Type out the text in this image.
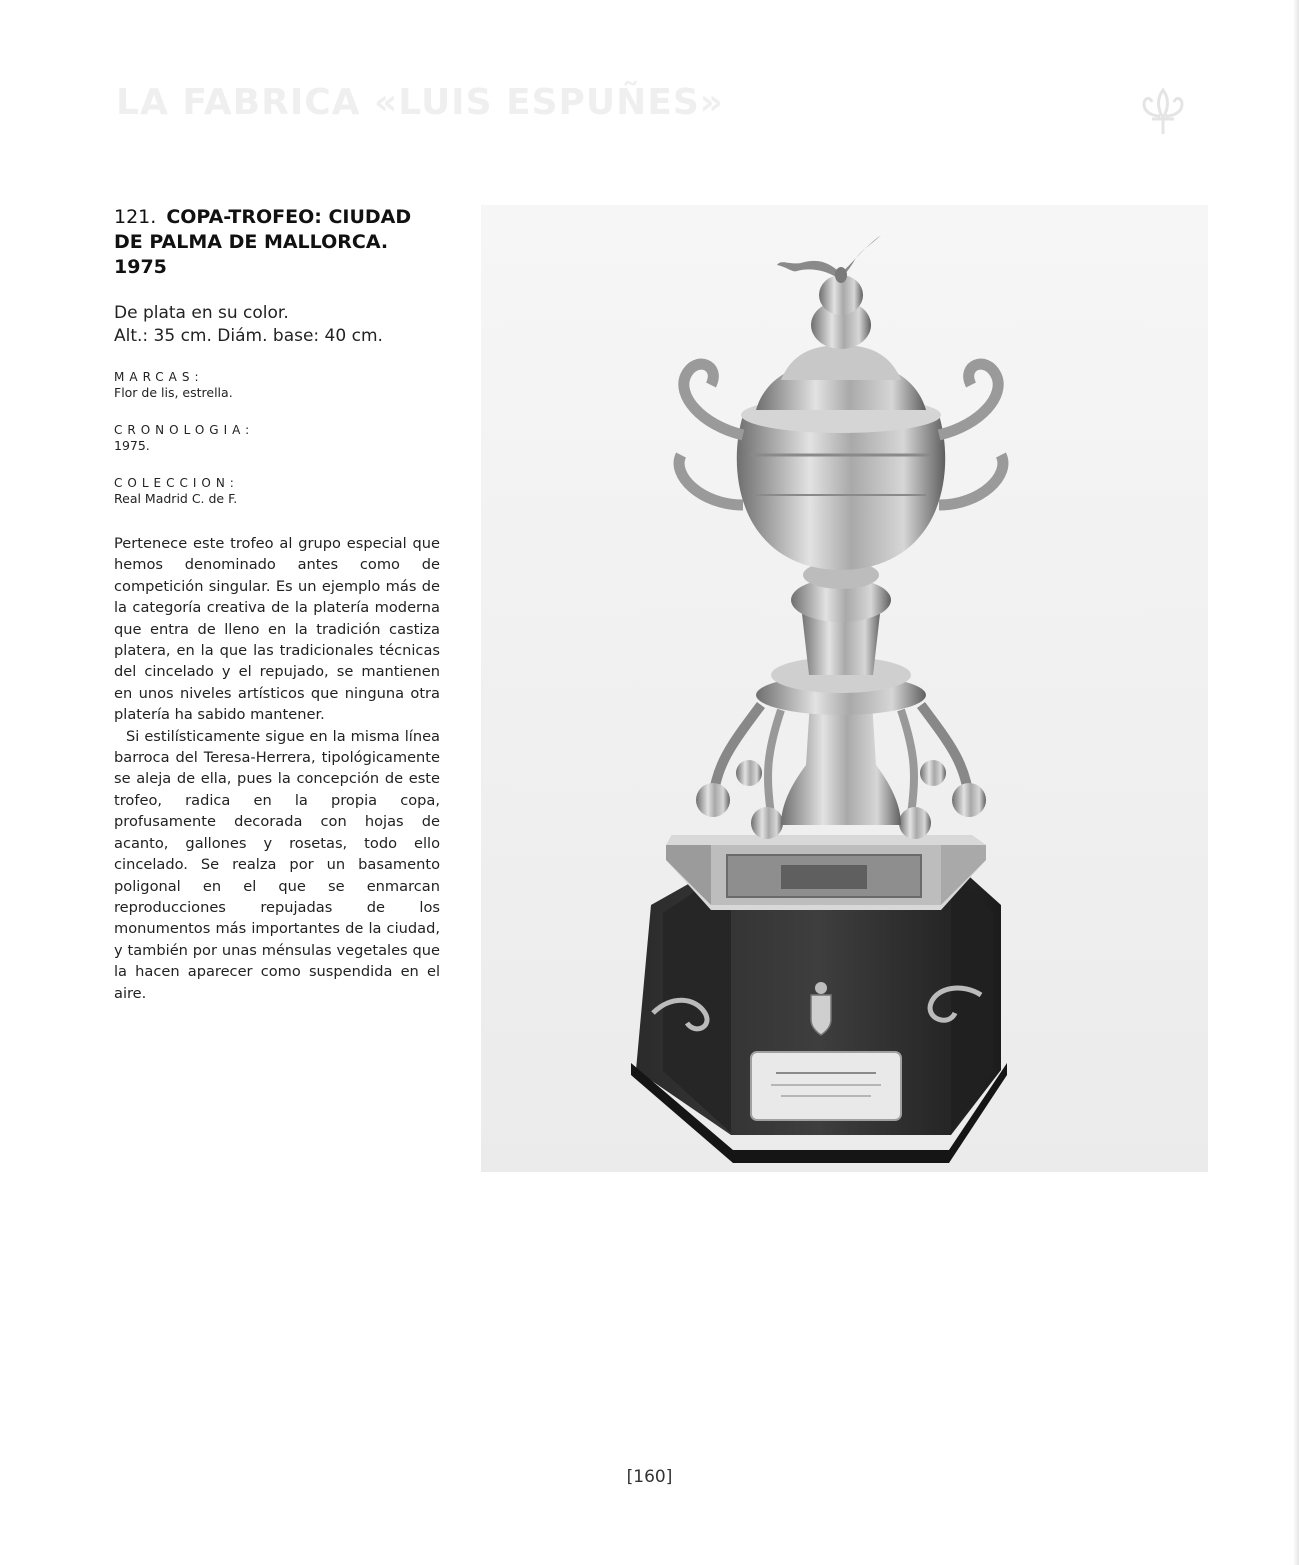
LA FABRICA «LUIS ESPUÑES»
121. COPA-TROFEO: CIUDAD DE PALMA DE MALLORCA. 1975
De plata en su color.
Alt.: 35 cm. Diám. base: 40 cm.
MARCAS:
Flor de lis, estrella.
CRONOLOGIA:
1975.
COLECCION:
Real Madrid C. de F.

Pertenece este trofeo al grupo especial que hemos denominado antes como de competición singular. Es un ejemplo más de la categoría creativa de la platería moderna que entra de lleno en la tradición castiza platera, en la que las tradicionales técnicas del cincelado y el repujado, se mantienen en unos niveles artísticos que ninguna otra platería ha sabido mantener.

Si estilísticamente sigue en la misma línea barroca del Teresa-Herrera, tipológicamente se aleja de ella, pues la concepción de este trofeo, radica en la propia copa, profusamente decorada con hojas de acanto, gallones y rosetas, todo ello cincelado. Se realza por un basamento poligonal en el que se enmarcan reproducciones repujadas de los monumentos más importantes de la ciudad, y también por unas ménsulas vegetales que la hacen aparecer como suspendida en el aire.

[160]
